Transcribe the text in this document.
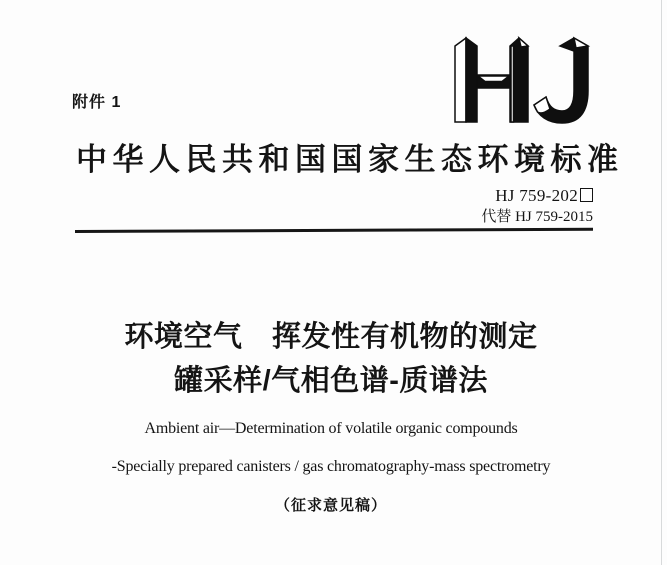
附件 1
中华人民共和国国家生态环境标准
HJ 759-202
代替 HJ 759-2015
环境空气　挥发性有机物的测定
罐采样/气相色谱-质谱法
Ambient air—Determination of volatile organic compounds
-Specially prepared canisters / gas chromatography-mass spectrometry
（征求意见稿）
